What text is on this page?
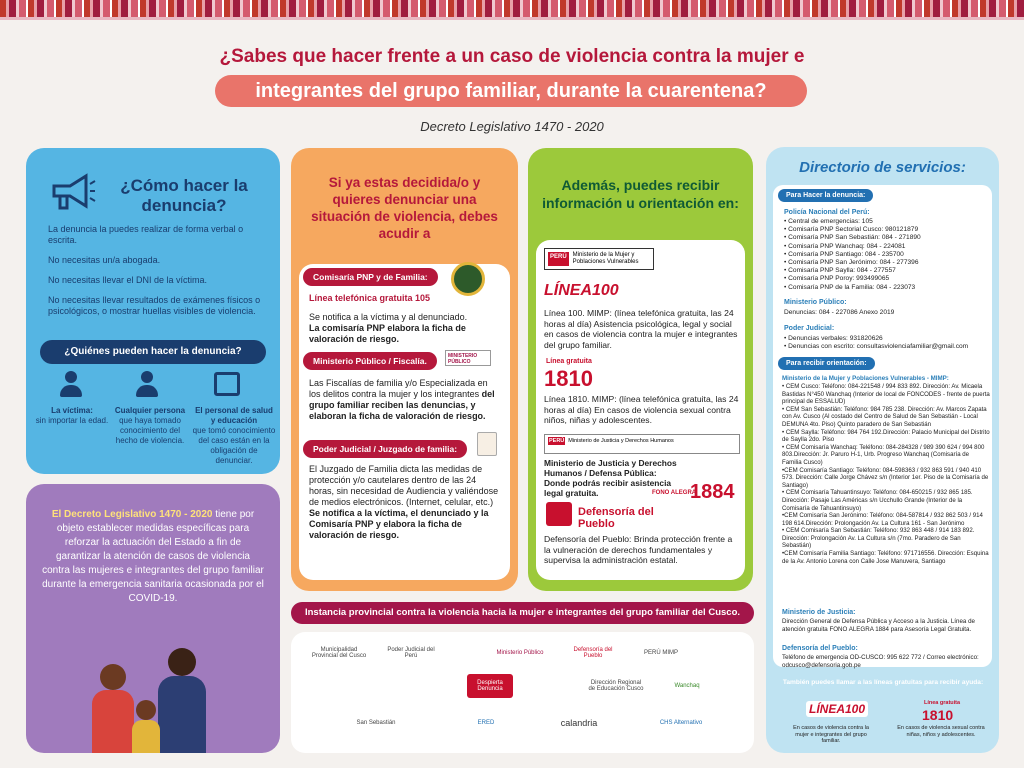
¿Sabes que hacer frente a un caso de violencia contra la mujer e
integrantes del grupo familiar, durante la cuarentena?
Decreto Legislativo 1470 - 2020
¿Cómo hacer la denuncia?
La denuncia la puedes realizar de forma verbal o escrita.
No necesitas un/a abogada.
No necesitas llevar el DNI de la víctima.
No necesitas llevar resultados de exámenes físicos o psicológicos, o mostrar huellas visibles de violencia.
¿Quiénes pueden hacer la denuncia?
La víctima:
sin importar la edad.
Cualquier persona
que haya tomado conocimiento del hecho de violencia.
El personal de salud y educación
que tomó conocimiento del caso están en la obligación de denunciar.
El Decreto Legislativo 1470 - 2020 tiene por objeto establecer medidas específicas para reforzar la actuación del Estado a fin de garantizar la atención de casos de violencia contra las mujeres e integrantes del grupo familiar durante la emergencia sanitaria ocasionada por el COVID-19.
Si ya estas decidida/o y quieres denunciar una situación de violencia, debes acudir a
Comisaría PNP y de Familia:
Línea telefónica gratuita 105
Se notifica a la víctima y al denunciado.
La comisaría PNP elabora la ficha de valoración de riesgo.
Ministerio Público / Fiscalía.	MINISTERIO PÚBLICO
Las Fiscalías de familia y/o Especializada en los delitos contra la mujer y los integrantes del grupo familiar reciben las denuncias, y elaboran la ficha de valoración de riesgo.
Poder Judicial / Juzgado de familia:
El Juzgado de Familia dicta las medidas de protección y/o cautelares dentro de las 24 horas, sin necesidad de Audiencia y valiéndose de medios electrónicos. (Internet, celular, etc.)
Se notifica a la víctima, el denunciado y la Comisaría PNP y elabora la ficha de valoración de riesgo.
Además, puedes recibir información u orientación en:
PERÚ	Ministerio de la Mujer y Poblaciones Vulnerables
LÍNEA100
Línea 100. MIMP: (línea telefónica gratuita, las 24 horas al día) Asistencia psicológica, legal y social en casos de violencia contra la mujer e integrantes del grupo familiar.
Línea gratuita
1810
Línea 1810. MIMP: (línea telefónica gratuita, las 24 horas al día) En casos de violencia sexual contra niños, niñas y adolescentes.
PERÚ Ministerio de Justicia y Derechos Humanos
Ministerio de Justicia y Derechos Humanos / Defensa Pública: Donde podrás recibir asistencia legal gratuita.	FONO ALEGRA
1884
Defensoría del Pueblo
Defensoría del Pueblo: Brinda protección frente a la vulneración de derechos fundamentales y supervisa la administración estatal.
Instancia provincial contra la violencia hacia la mujer e integrantes del grupo familiar del Cusco.
Municipalidad Provincial del Cusco
Poder Judicial del Perú	Ministerio Público	Defensoría del Pueblo	PERÚ MIMP
Despierta Denuncia
Dirección Regional de Educación Cusco	Wanchaq
San Sebastián	ERED	calandria	CHS Alternativo
Directorio de servicios:
Para Hacer la denuncia:
Policía Nacional del Perú:
• Central de emergencias: 105
• Comisaría PNP Sectorial Cusco: 980121879
• Comisaría PNP San Sebastián: 084 - 271890
• Comisaría PNP Wanchaq: 084 - 224081
• Comisaría PNP Santiago: 084 - 235700
• Comisaría PNP San Jerónimo: 084 - 277396
• Comisaría PNP Saylla: 084 - 277557
• Comisaría PNP Poroy: 993499065
• Comisaría PNP de la Familia: 084 - 223073
Ministerio Público:
Denuncias: 084 - 227086 Anexo 2019
Poder Judicial:
• Denuncias verbales: 931820626
• Denuncias con escrito: consultasviolenciafamiliar@gmail.com
Para recibir orientación:
Ministerio de la Mujer y Poblaciones Vulnerables - MIMP:
• CEM Cusco: Teléfono: 084-221548 / 994 833 892. Dirección: Av. Micaela Bastidas N°450 Wanchaq (Interior de local de FONCODES - frente de puerta principal de ESSALUD)
• CEM San Sebastián: Teléfono: 984 785 238. Dirección: Av. Marcos Zapata con Av. Cusco (Al costado del Centro de Salud de San Sebastián - Local DEMUNA 4to. Piso) Quinto paradero de San Sebastián
• CEM Saylla: Teléfono: 984 764 192.Dirección: Palacio Municipal del Distrito de Saylla 2do. Piso
• CEM Comisaría Wanchaq: Teléfono: 084-284328 / 989 390 624 / 994 800 803.Dirección: Jr. Paruro H-1, Urb. Progreso Wanchaq (Comisaría de Familia Cusco)
•CEM Comisaría Santiago: Teléfono: 084-598363 / 932 863 591 / 940 410 573. Dirección: Calle Jorge Chávez s/n (Interior 1er. Piso de la Comisaría de Santiago)
• CEM Comisaría Tahuantinsuyo: Teléfono: 084-650215 / 932 865 185. Dirección: Pasaje Las Américas s/n Ucchullo Grande (Interior de la Comisaría de Tahuantinsuyo)
•CEM Comisaría San Jerónimo: Teléfono: 084-587814 / 932 862 503 / 914 198 614.Dirección: Prolongación Av. La Cultura 161 - San Jerónimo
• CEM Comisaría San Sebastián: Teléfono: 932 863 448 / 914 183 892. Dirección: Prolongación Av. La Cultura s/n (7mo. Paradero de San Sebastián)
•CEM Comisaría Familia Santiago: Teléfono: 971716556. Dirección: Esquina de la Av. Antonio Lorena con Calle Jose Manuvera, Santiago
Ministerio de Justicia:
Dirección General de Defensa Pública y Acceso a la Justicia. Línea de atención gratuita FONO ALEGRA 1884 para Asesoría Legal Gratuita.
Defensoría del Pueblo:
Teléfono de emergencia OD-CUSCO: 995 622 772 / Correo electrónico: odcusco@defensoria.gob.pe
También puedes llamar a las líneas gratuitas para recibir ayuda:
LÍNEA100
En casos de violencia contra la mujer e integrantes del grupo familiar.
Línea gratuita
1810
En casos de violencia sexual contra niñas, niños y adolescentes.
